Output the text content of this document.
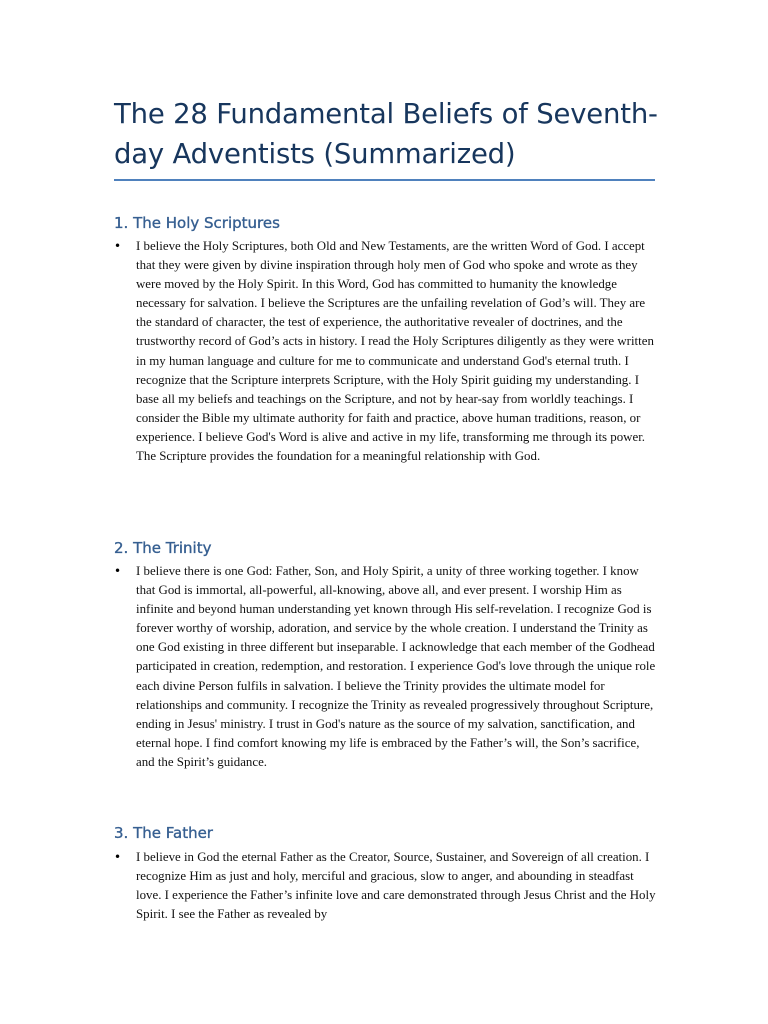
The 28 Fundamental Beliefs of Seventh-day Adventists (Summarized)
1. The Holy Scriptures
• I believe the Holy Scriptures, both Old and New Testaments, are the written Word of God. I accept that they were given by divine inspiration through holy men of God who spoke and wrote as they were moved by the Holy Spirit. In this Word, God has committed to humanity the knowledge necessary for salvation. I believe the Scriptures are the unfailing revelation of God’s will. They are the standard of character, the test of experience, the authoritative revealer of doctrines, and the trustworthy record of God’s acts in history. I read the Holy Scriptures diligently as they were written in my human language and culture for me to communicate and understand God's eternal truth. I recognize that the Scripture interprets Scripture, with the Holy Spirit guiding my understanding. I base all my beliefs and teachings on the Scripture, and not by hear-say from worldly teachings. I consider the Bible my ultimate authority for faith and practice, above human traditions, reason, or experience. I believe God's Word is alive and active in my life, transforming me through its power. The Scripture provides the foundation for a meaningful relationship with God.

2. The Trinity
• I believe there is one God: Father, Son, and Holy Spirit, a unity of three working together. I know that God is immortal, all-powerful, all-knowing, above all, and ever present. I worship Him as infinite and beyond human understanding yet known through His self-revelation. I recognize God is forever worthy of worship, adoration, and service by the whole creation. I understand the Trinity as one God existing in three different but inseparable. I acknowledge that each member of the Godhead participated in creation, redemption, and restoration. I experience God's love through the unique role each divine Person fulfils in salvation. I believe the Trinity provides the ultimate model for relationships and community. I recognize the Trinity as revealed progressively throughout Scripture, ending in Jesus' ministry. I trust in God's nature as the source of my salvation, sanctification, and eternal hope. I find comfort knowing my life is embraced by the Father’s will, the Son’s sacrifice, and the Spirit’s guidance.

3. The Father
• I believe in God the eternal Father as the Creator, Source, Sustainer, and Sovereign of all creation. I recognize Him as just and holy, merciful and gracious, slow to anger, and abounding in steadfast love. I experience the Father’s infinite love and care demonstrated through Jesus Christ and the Holy Spirit. I see the Father as revealed by
